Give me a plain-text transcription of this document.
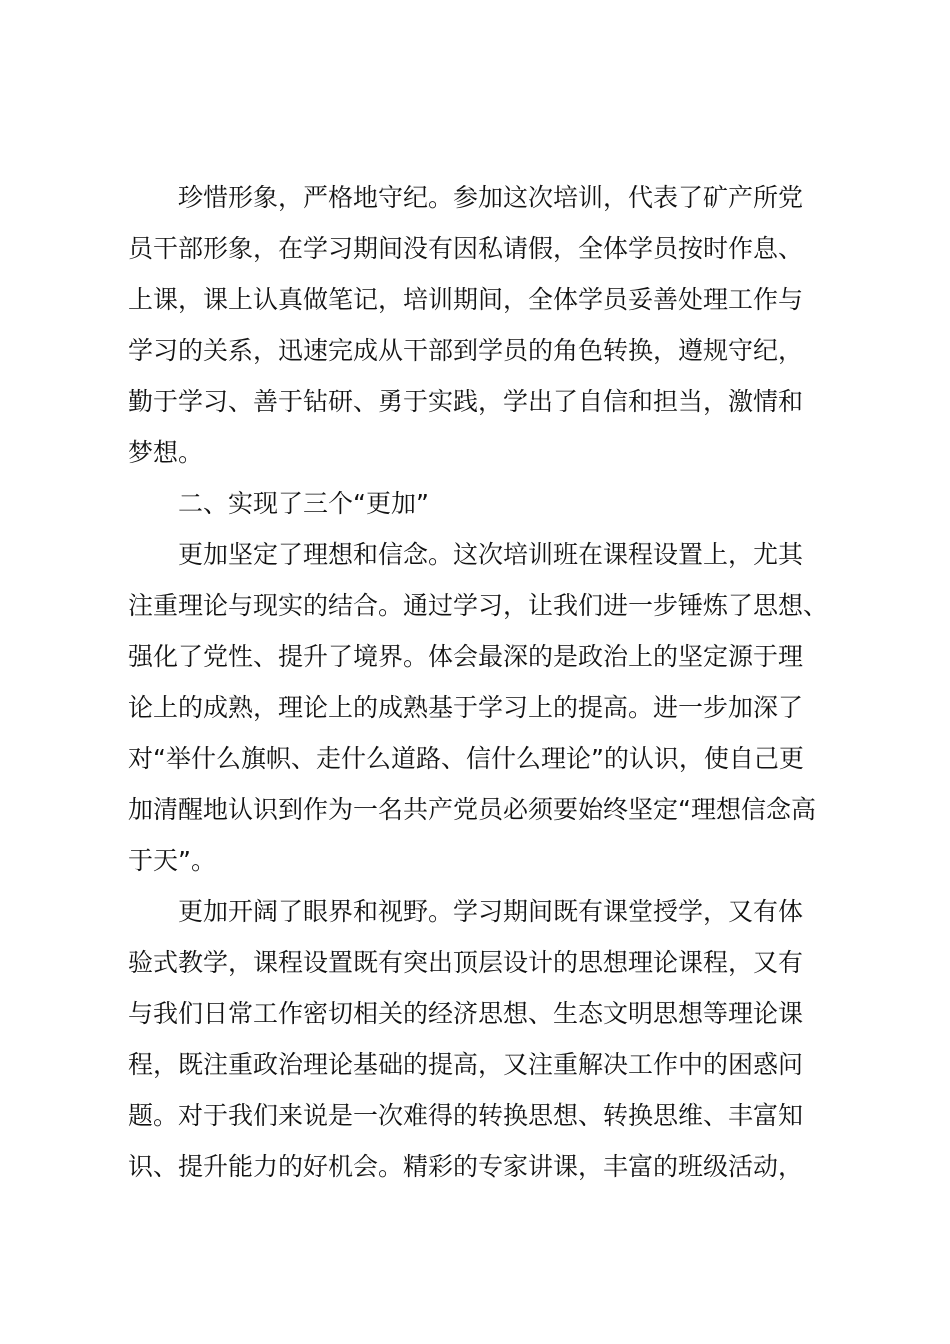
珍惜形象，严格地守纪。参加这次培训，代表了矿产所党
员干部形象，在学习期间没有因私请假，全体学员按时作息、
上课，课上认真做笔记，培训期间，全体学员妥善处理工作与
学习的关系，迅速完成从干部到学员的角色转换，遵规守纪，
勤于学习、善于钻研、勇于实践，学出了自信和担当，激情和
梦想。
二、实现了三个“更加”
更加坚定了理想和信念。这次培训班在课程设置上，尤其
注重理论与现实的结合。通过学习，让我们进一步锤炼了思想、
强化了党性、提升了境界。体会最深的是政治上的坚定源于理
论上的成熟，理论上的成熟基于学习上的提高。进一步加深了
对“举什么旗帜、走什么道路、信什么理论”的认识，使自己更
加清醒地认识到作为一名共产党员必须要始终坚定“理想信念高
于天”。
更加开阔了眼界和视野。学习期间既有课堂授学，又有体
验式教学，课程设置既有突出顶层设计的思想理论课程，又有
与我们日常工作密切相关的经济思想、生态文明思想等理论课
程，既注重政治理论基础的提高，又注重解决工作中的困惑问
题。对于我们来说是一次难得的转换思想、转换思维、丰富知
识、提升能力的好机会。精彩的专家讲课，丰富的班级活动，
